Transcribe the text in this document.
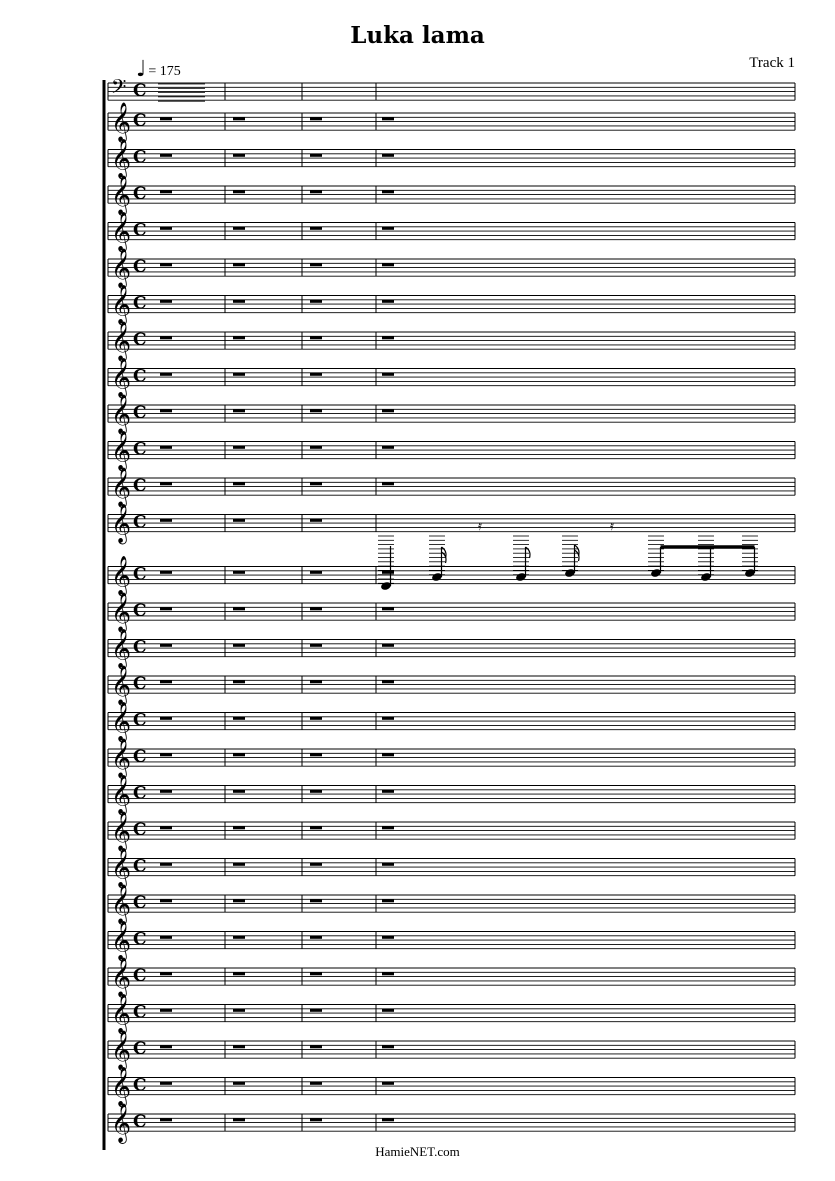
Luka lama
Track 1
♩ = 175
𝄢 C
𝄞 C
𝄞 C
𝄞 C
𝄞 C
𝄞 C
𝄞 C
𝄞 C
𝄞 C
𝄞 C
𝄞 C
𝄞 C
𝄞 C
𝄞 C
𝄞 C
𝄞 C
𝄞 C
𝄞 C
𝄞 C
𝄞 C
𝄞 C
𝄞 C
𝄞 C
𝄞 C
𝄞 C
𝄞 C
𝄞 C
𝄞 C
𝄞 C
𝄿	𝄿
HamieNET.com
